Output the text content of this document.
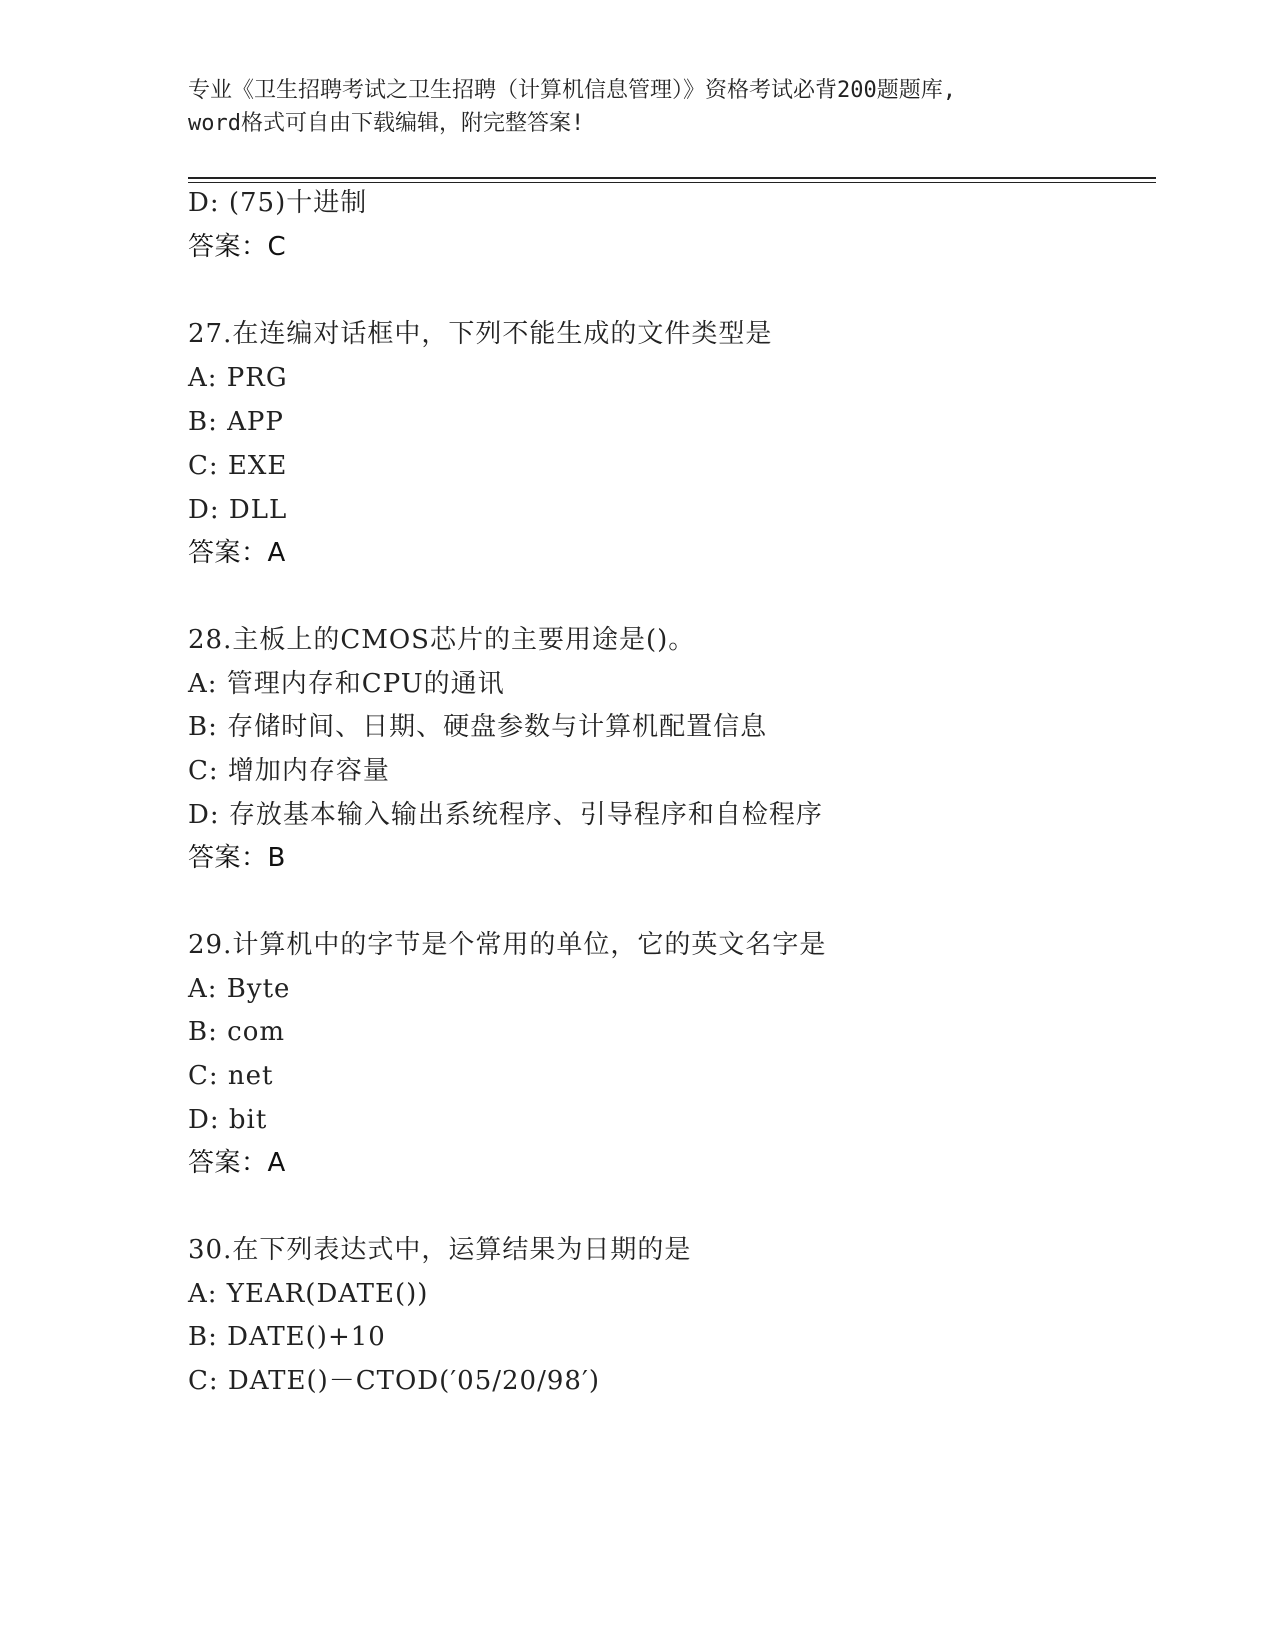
专业《卫生招聘考试之卫生招聘（计算机信息管理）》资格考试必背200题题库,
word格式可自由下载编辑，附完整答案!
D: (75)十进制
答案：C
27.在连编对话框中，下列不能生成的文件类型是
A: PRG
B: APP
C: EXE
D: DLL
答案：A
28.主板上的CMOS芯片的主要用途是()。
A: 管理内存和CPU的通讯
B: 存储时间、日期、硬盘参数与计算机配置信息
C: 增加内存容量
D: 存放基本输入输出系统程序、引导程序和自检程序
答案：B
29.计算机中的字节是个常用的单位，它的英文名字是
A: Byte
B: com
C: net
D: bit
答案：A
30.在下列表达式中，运算结果为日期的是
A: YEAR(DATE())
B: DATE()+10
C: DATE()－CTOD(′05/20/98′)
